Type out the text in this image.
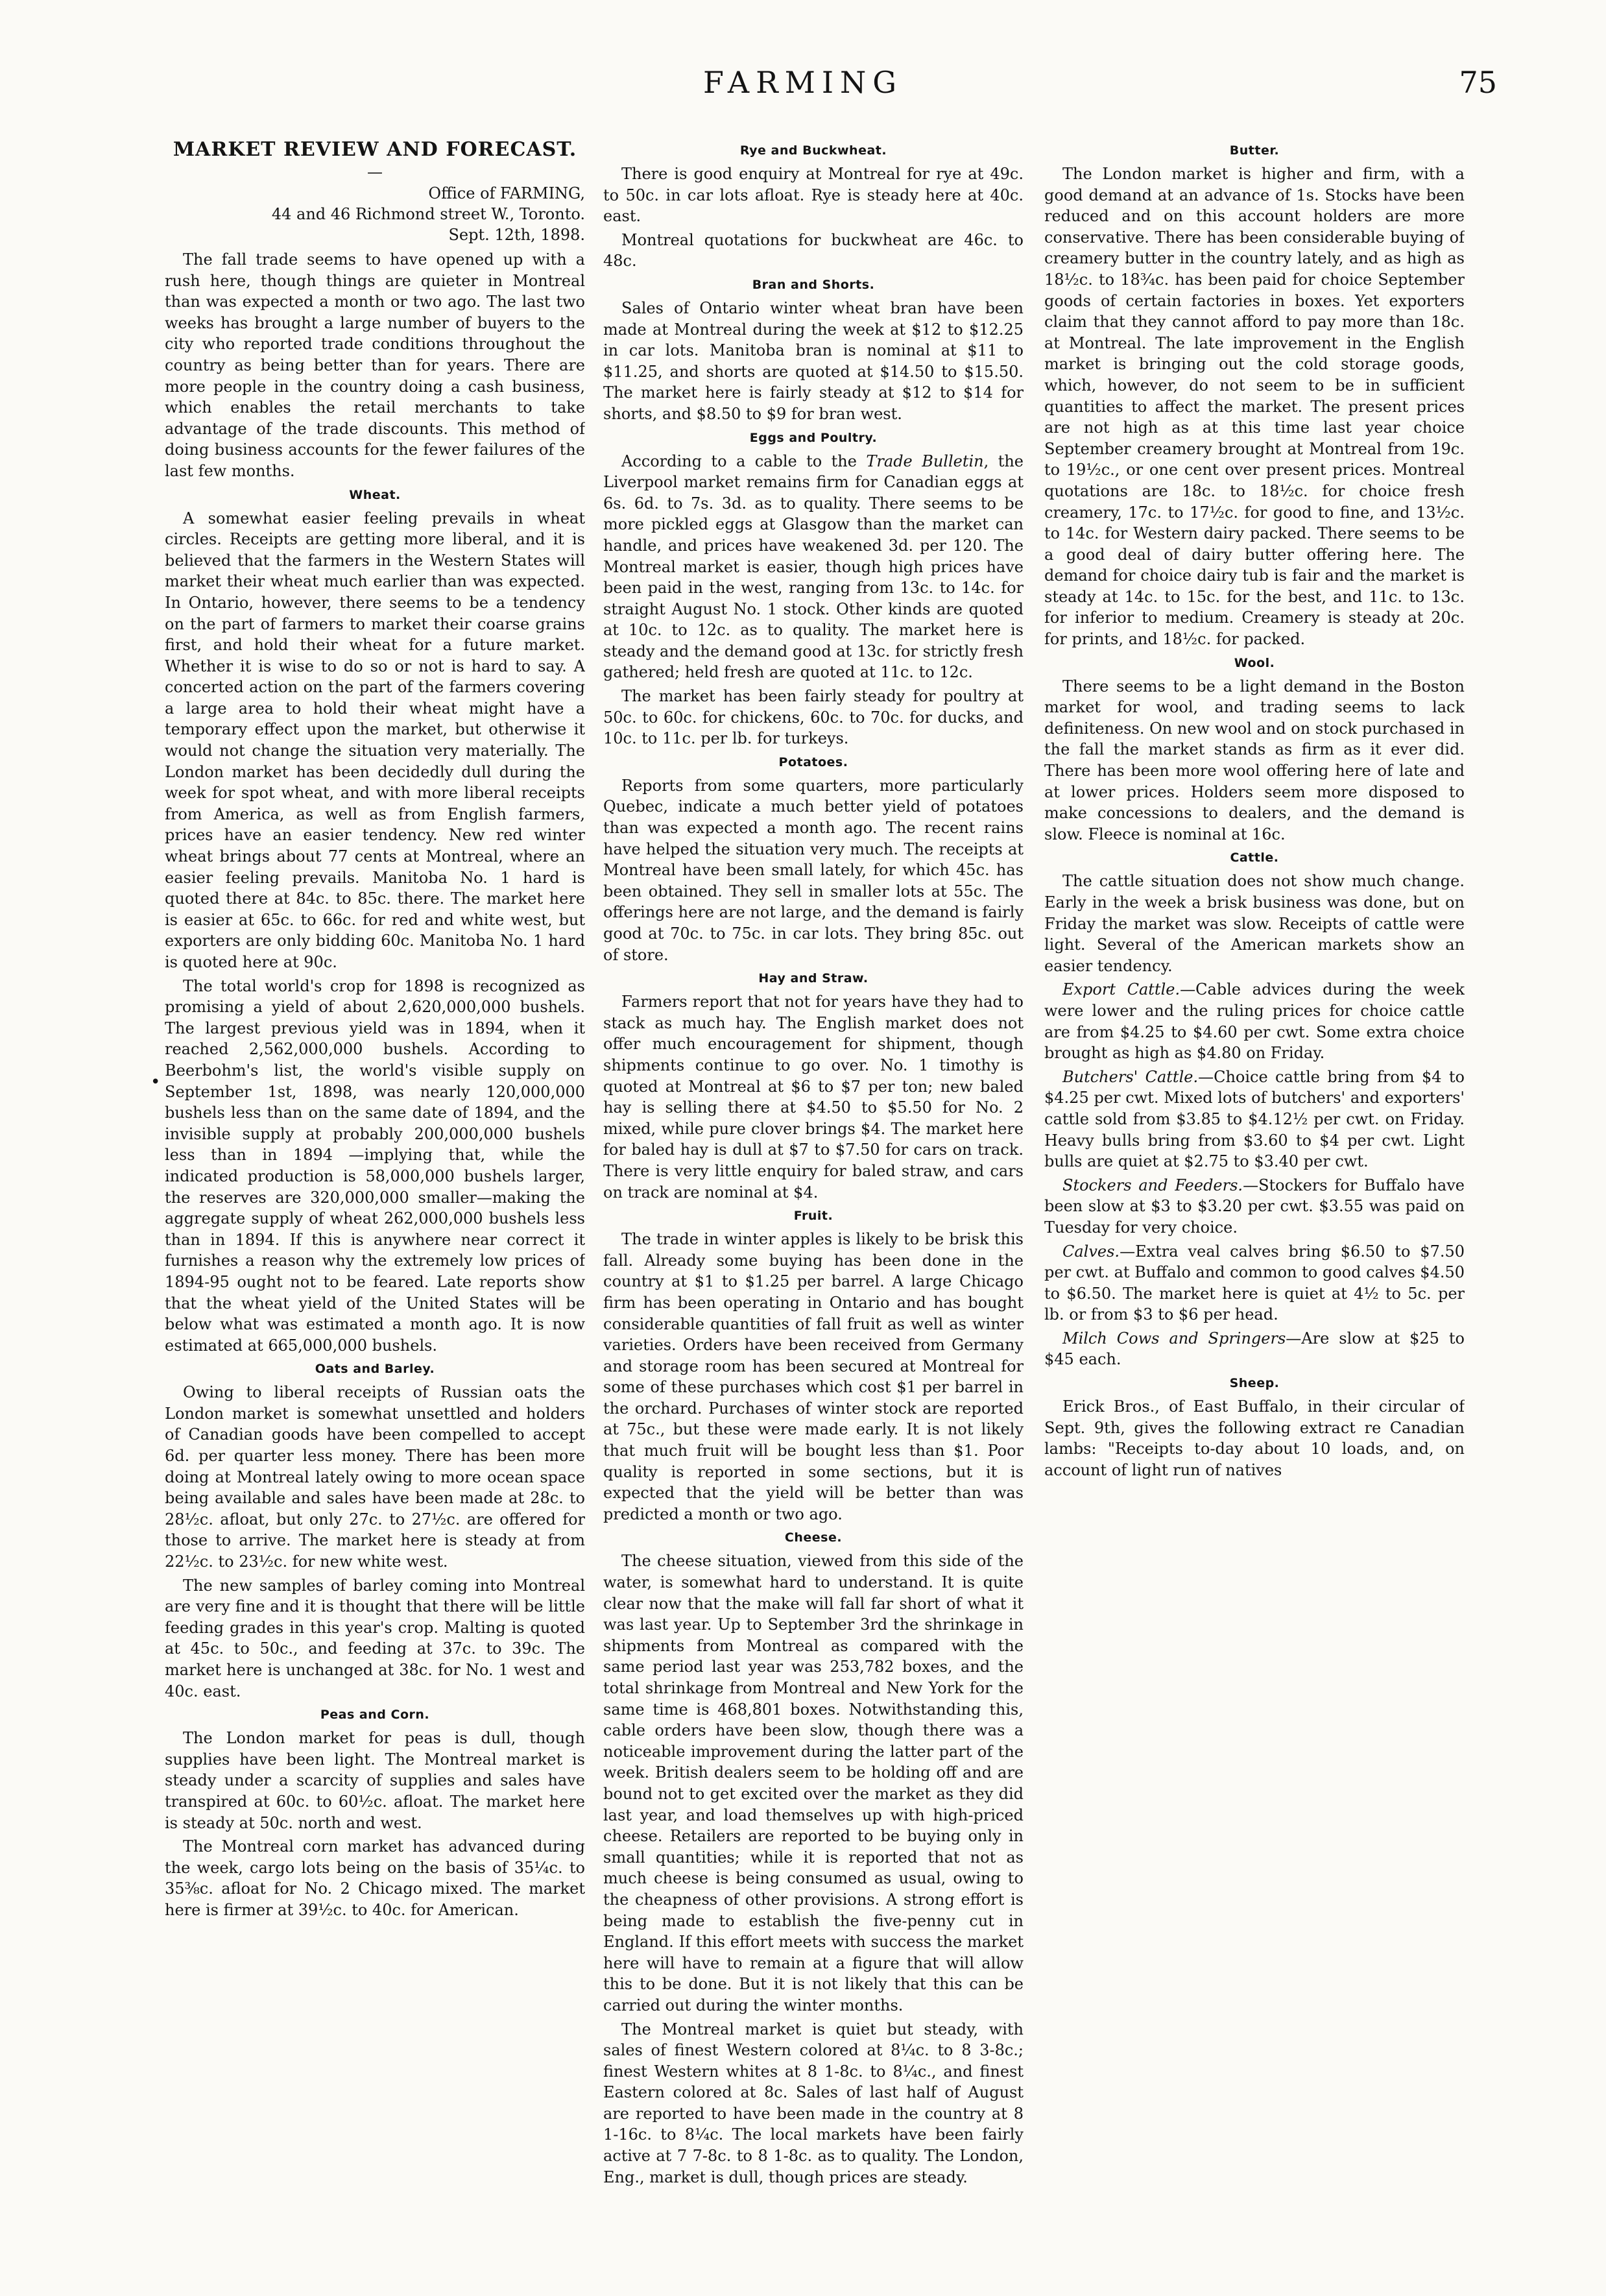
FARMING	75
•
MARKET REVIEW AND FORECAST.
—
Office of FARMING,
44 and 46 Richmond street W., Toronto.
Sept. 12th, 1898.

The fall trade seems to have opened up with a rush here, though things are quieter in Montreal than was expected a month or two ago. The last two weeks has brought a large number of buyers to the city who reported trade conditions throughout the country as being better than for years. There are more people in the country doing a cash business, which enables the retail merchants to take advantage of the trade discounts. This method of doing business accounts for the fewer failures of the last few months.

Wheat.

A somewhat easier feeling prevails in wheat circles. Receipts are getting more liberal, and it is believed that the farmers in the Western States will market their wheat much earlier than was expected. In Ontario, however, there seems to be a tendency on the part of farmers to market their coarse grains first, and hold their wheat for a future market. Whether it is wise to do so or not is hard to say. A concerted action on the part of the farmers covering a large area to hold their wheat might have a temporary effect upon the market, but otherwise it would not change the situation very materially. The London market has been decidedly dull during the week for spot wheat, and with more liberal receipts from America, as well as from English farmers, prices have an easier tendency. New red winter wheat brings about 77 cents at Montreal, where an easier feeling prevails. Manitoba No. 1 hard is quoted there at 84c. to 85c. there. The market here is easier at 65c. to 66c. for red and white west, but exporters are only bidding 60c. Manitoba No. 1 hard is quoted here at 90c.

The total world's crop for 1898 is recognized as promising a yield of about 2,620,000,000 bushels. The largest previous yield was in 1894, when it reached 2,562,000,000 bushels. According to Beerbohm's list, the world's visible supply on September 1st, 1898, was nearly 120,000,000 bushels less than on the same date of 1894, and the invisible supply at probably 200,000,000 bushels less than in 1894 —implying that, while the indicated production is 58,000,000 bushels larger, the reserves are 320,000,000 smaller—making the aggregate supply of wheat 262,000,000 bushels less than in 1894. If this is anywhere near correct it furnishes a reason why the extremely low prices of 1894-95 ought not to be feared. Late reports show that the wheat yield of the United States will be below what was estimated a month ago. It is now estimated at 665,000,000 bushels.

Oats and Barley.

Owing to liberal receipts of Russian oats the London market is somewhat unsettled and holders of Canadian goods have been compelled to accept 6d. per quarter less money. There has been more doing at Montreal lately owing to more ocean space being available and sales have been made at 28c. to 28½c. afloat, but only 27c. to 27½c. are offered for those to arrive. The market here is steady at from 22½c. to 23½c. for new white west.

The new samples of barley coming into Montreal are very fine and it is thought that there will be little feeding grades in this year's crop. Malting is quoted at 45c. to 50c., and feeding at 37c. to 39c. The market here is unchanged at 38c. for No. 1 west and 40c. east.

Peas and Corn.

The London market for peas is dull, though supplies have been light. The Montreal market is steady under a scarcity of supplies and sales have transpired at 60c. to 60½c. afloat. The market here is steady at 50c. north and west.

The Montreal corn market has advanced during the week, cargo lots being on the basis of 35¼c. to 35⅜c. afloat for No. 2 Chicago mixed. The market here is firmer at 39½c. to 40c. for American.

Rye and Buckwheat.

There is good enquiry at Montreal for rye at 49c. to 50c. in car lots afloat. Rye is steady here at 40c. east.

Montreal quotations for buckwheat are 46c. to 48c.

Bran and Shorts.

Sales of Ontario winter wheat bran have been made at Montreal during the week at $12 to $12.25 in car lots. Manitoba bran is nominal at $11 to $11.25, and shorts are quoted at $14.50 to $15.50. The market here is fairly steady at $12 to $14 for shorts, and $8.50 to $9 for bran west.

Eggs and Poultry.

According to a cable to the Trade Bulletin, the Liverpool market remains firm for Canadian eggs at 6s. 6d. to 7s. 3d. as to quality. There seems to be more pickled eggs at Glasgow than the market can handle, and prices have weakened 3d. per 120. The Montreal market is easier, though high prices have been paid in the west, ranging from 13c. to 14c. for straight August No. 1 stock. Other kinds are quoted at 10c. to 12c. as to quality. The market here is steady and the demand good at 13c. for strictly fresh gathered; held fresh are quoted at 11c. to 12c.

The market has been fairly steady for poultry at 50c. to 60c. for chickens, 60c. to 70c. for ducks, and 10c. to 11c. per lb. for turkeys.

Potatoes.

Reports from some quarters, more particularly Quebec, indicate a much better yield of potatoes than was expected a month ago. The recent rains have helped the situation very much. The receipts at Montreal have been small lately, for which 45c. has been obtained. They sell in smaller lots at 55c. The offerings here are not large, and the demand is fairly good at 70c. to 75c. in car lots. They bring 85c. out of store.

Hay and Straw.

Farmers report that not for years have they had to stack as much hay. The English market does not offer much encouragement for shipment, though shipments continue to go over. No. 1 timothy is quoted at Montreal at $6 to $7 per ton; new baled hay is selling there at $4.50 to $5.50 for No. 2 mixed, while pure clover brings $4. The market here for baled hay is dull at $7 to $7.50 for cars on track. There is very little enquiry for baled straw, and cars on track are nominal at $4.

Fruit.

The trade in winter apples is likely to be brisk this fall. Already some buying has been done in the country at $1 to $1.25 per barrel. A large Chicago firm has been operating in Ontario and has bought considerable quantities of fall fruit as well as winter varieties. Orders have been received from Germany and storage room has been secured at Montreal for some of these purchases which cost $1 per barrel in the orchard. Purchases of winter stock are reported at 75c., but these were made early. It is not likely that much fruit will be bought less than $1. Poor quality is reported in some sections, but it is expected that the yield will be better than was predicted a month or two ago.

Cheese.

The cheese situation, viewed from this side of the water, is somewhat hard to understand. It is quite clear now that the make will fall far short of what it was last year. Up to September 3rd the shrinkage in shipments from Montreal as compared with the same period last year was 253,782 boxes, and the total shrinkage from Montreal and New York for the same time is 468,801 boxes. Notwithstanding this, cable orders have been slow, though there was a noticeable improvement during the latter part of the week. British dealers seem to be holding off and are bound not to get excited over the market as they did last year, and load themselves up with high-priced cheese. Retailers are reported to be buying only in small quantities; while it is reported that not as much cheese is being consumed as usual, owing to the cheapness of other provisions. A strong effort is being made to establish the five-penny cut in England. If this effort meets with success the market here will have to remain at a figure that will allow this to be done. But it is not likely that this can be carried out during the winter months.

The Montreal market is quiet but steady, with sales of finest Western colored at 8¼c. to 8 3-8c.; finest Western whites at 8 1-8c. to 8¼c., and finest Eastern colored at 8c. Sales of last half of August are reported to have been made in the country at 8 1-16c. to 8¼c. The local markets have been fairly active at 7 7-8c. to 8 1-8c. as to quality. The London, Eng., market is dull, though prices are steady.

Butter.

The London market is higher and firm, with a good demand at an advance of 1s. Stocks have been reduced and on this account holders are more conservative. There has been considerable buying of creamery butter in the country lately, and as high as 18½c. to 18¾c. has been paid for choice September goods of certain factories in boxes. Yet exporters claim that they cannot afford to pay more than 18c. at Montreal. The late improvement in the English market is bringing out the cold storage goods, which, however, do not seem to be in sufficient quantities to affect the market. The present prices are not high as at this time last year choice September creamery brought at Montreal from 19c. to 19½c., or one cent over present prices. Montreal quotations are 18c. to 18½c. for choice fresh creamery, 17c. to 17½c. for good to fine, and 13½c. to 14c. for Western dairy packed. There seems to be a good deal of dairy butter offering here. The demand for choice dairy tub is fair and the market is steady at 14c. to 15c. for the best, and 11c. to 13c. for inferior to medium. Creamery is steady at 20c. for prints, and 18½c. for packed.

Wool.

There seems to be a light demand in the Boston market for wool, and trading seems to lack definiteness. On new wool and on stock purchased in the fall the market stands as firm as it ever did. There has been more wool offering here of late and at lower prices. Holders seem more disposed to make concessions to dealers, and the demand is slow. Fleece is nominal at 16c.

Cattle.

The cattle situation does not show much change. Early in the week a brisk business was done, but on Friday the market was slow. Receipts of cattle were light. Several of the American markets show an easier tendency.

Export Cattle.—Cable advices during the week were lower and the ruling prices for choice cattle are from $4.25 to $4.60 per cwt. Some extra choice brought as high as $4.80 on Friday.

Butchers' Cattle.—Choice cattle bring from $4 to $4.25 per cwt. Mixed lots of butchers' and exporters' cattle sold from $3.85 to $4.12½ per cwt. on Friday. Heavy bulls bring from $3.60 to $4 per cwt. Light bulls are quiet at $2.75 to $3.40 per cwt.

Stockers and Feeders.—Stockers for Buffalo have been slow at $3 to $3.20 per cwt. $3.55 was paid on Tuesday for very choice.

Calves.—Extra veal calves bring $6.50 to $7.50 per cwt. at Buffalo and common to good calves $4.50 to $6.50. The market here is quiet at 4½ to 5c. per lb. or from $3 to $6 per head.

Milch Cows and Springers—Are slow at $25 to $45 each.

Sheep.

Erick Bros., of East Buffalo, in their circular of Sept. 9th, gives the following extract re Canadian lambs: "Receipts to-day about 10 loads, and, on account of light run of natives
